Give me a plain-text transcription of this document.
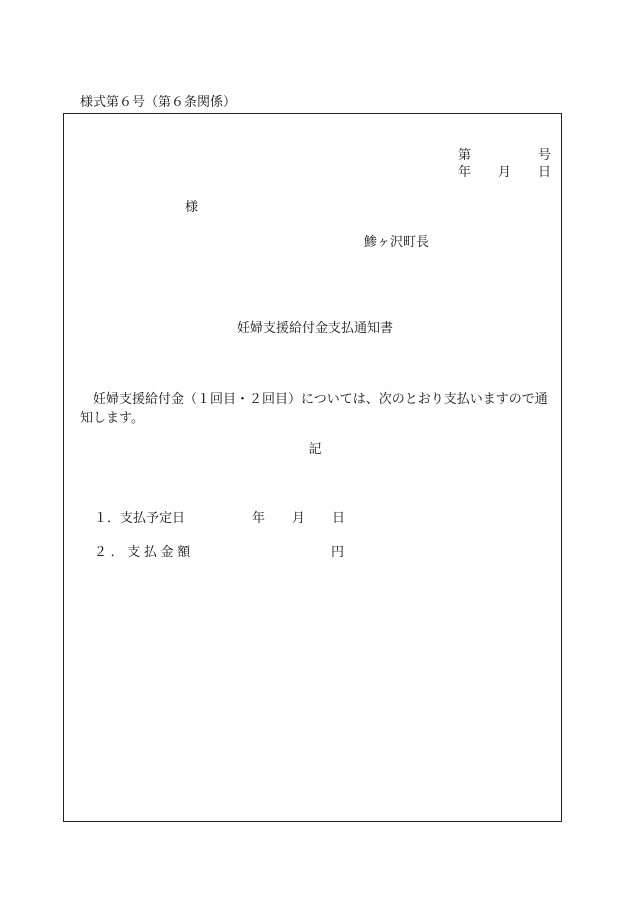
様式第６号（第６条関係）
第	号
年 月 日
様
鯵ヶ沢町長
妊婦支援給付金支払通知書
妊婦支援給付金（１回目・２回目）については、次のとおり支払いますので通知します。
記
１．支払予定日	年 月 日
２．支払金額	円
